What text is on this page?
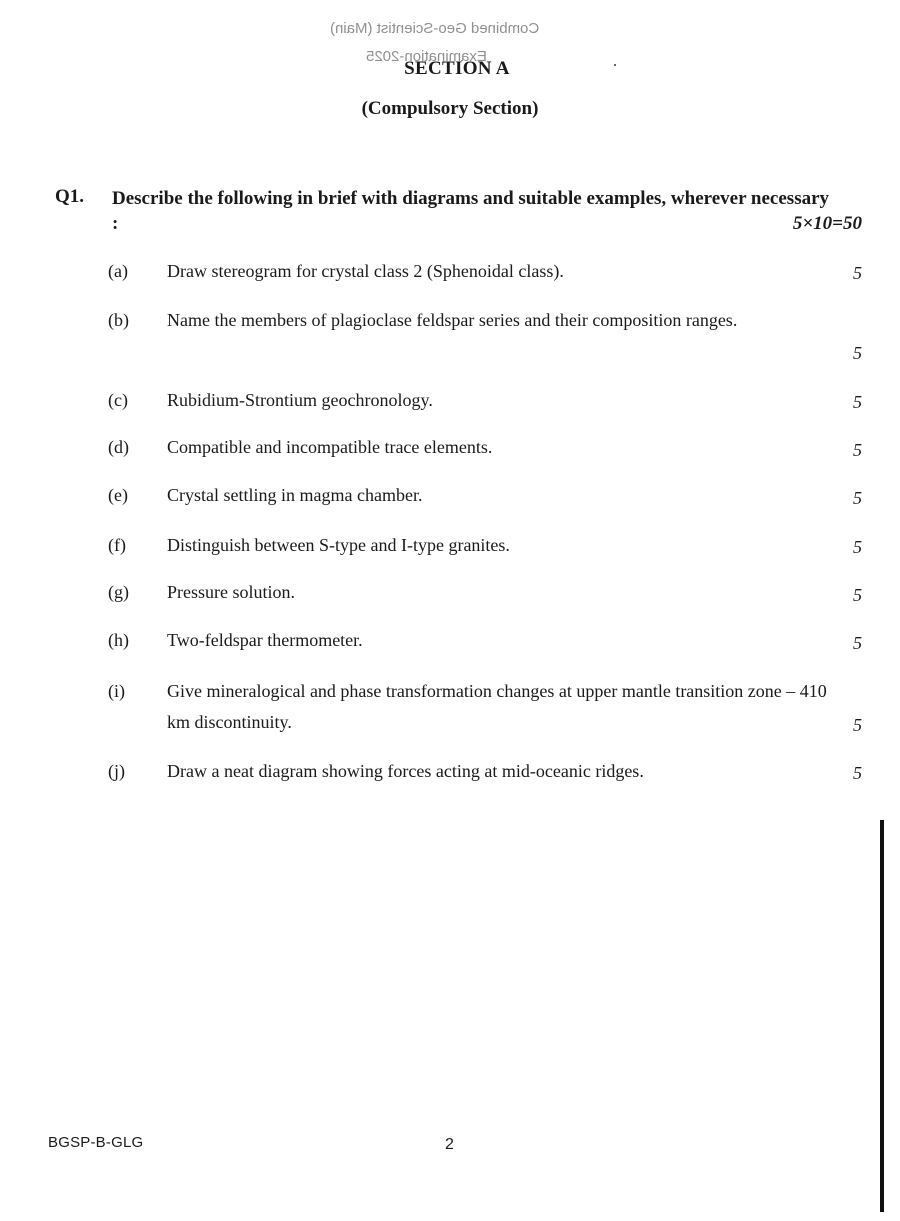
Combined Geo-Scientist (Main)
Examination-2025
SECTION A
(Compulsory Section)
Q1. Describe the following in brief with diagrams and suitable examples, wherever necessary :	5×10=50
(a) Draw stereogram for crystal class 2 (Sphenoidal class).	5
(b) Name the members of plagioclase feldspar series and their composition ranges.
5
(c) Rubidium-Strontium geochronology.	5
(d) Compatible and incompatible trace elements.	5
(e) Crystal settling in magma chamber.	5
(f) Distinguish between S-type and I-type granites.	5
(g) Pressure solution.	5
(h) Two-feldspar thermometer.	5
(i) Give mineralogical and phase transformation changes at upper mantle transition zone – 410 km discontinuity.	5
(j) Draw a neat diagram showing forces acting at mid-oceanic ridges.	5
BGSP-B-GLG	2
